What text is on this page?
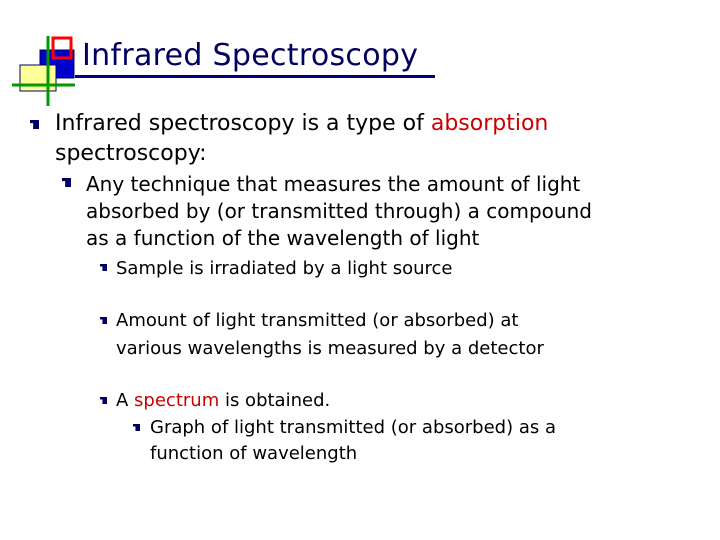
Infrared Spectroscopy
Infrared spectroscopy is a type of absorption
spectroscopy:
Any technique that measures the amount of light
absorbed by (or transmitted through) a compound
as a function of the wavelength of light
Sample is irradiated by a light source
Amount of light transmitted (or absorbed) at
various wavelengths is measured by a detector
A spectrum is obtained.
Graph of light transmitted (or absorbed) as a
function of wavelength
